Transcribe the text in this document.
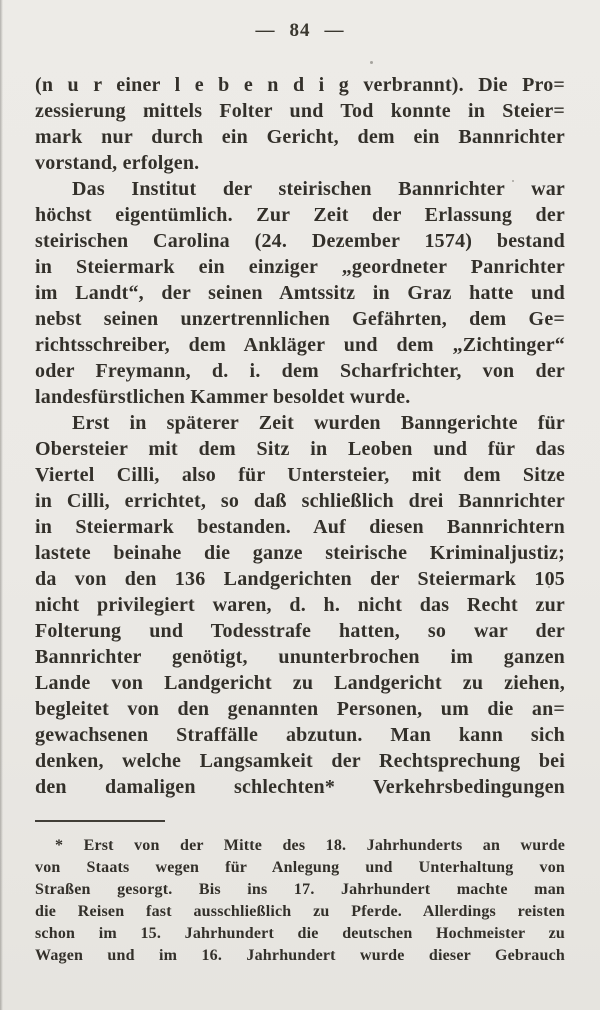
— 84 —
(n u r einer l e b e n d i g verbrannt). Die Pro=
zessierung mittels Folter und Tod konnte in Steier=
mark nur durch ein Gericht, dem ein Bannrichter
vorstand, erfolgen.
Das Institut der steirischen Bannrichter war
höchst eigentümlich. Zur Zeit der Erlassung der
steirischen Carolina (24. Dezember 1574) bestand
in Steiermark ein einziger „geordneter Panrichter
im Landt“, der seinen Amtssitz in Graz hatte und
nebst seinen unzertrennlichen Gefährten, dem Ge=
richtsschreiber, dem Ankläger und dem „Zichtinger“
oder Freymann, d. i. dem Scharfrichter, von der
landesfürstlichen Kammer besoldet wurde.
Erst in späterer Zeit wurden Banngerichte für
Obersteier mit dem Sitz in Leoben und für das
Viertel Cilli, also für Untersteier, mit dem Sitze
in Cilli, errichtet, so daß schließlich drei Bannrichter
in Steiermark bestanden. Auf diesen Bannrichtern
lastete beinahe die ganze steirische Kriminaljustiz;
da von den 136 Landgerichten der Steiermark 105
nicht privilegiert waren, d. h. nicht das Recht zur
Folterung und Todesstrafe hatten, so war der
Bannrichter genötigt, ununterbrochen im ganzen
Lande von Landgericht zu Landgericht zu ziehen,
begleitet von den genannten Personen, um die an=
gewachsenen Straffälle abzutun. Man kann sich
denken, welche Langsamkeit der Rechtsprechung bei
den damaligen schlechten* Verkehrsbedingungen
* Erst von der Mitte des 18. Jahrhunderts an wurde
von Staats wegen für Anlegung und Unterhaltung von
Straßen gesorgt. Bis ins 17. Jahrhundert machte man
die Reisen fast ausschließlich zu Pferde. Allerdings reisten
schon im 15. Jahrhundert die deutschen Hochmeister zu
Wagen und im 16. Jahrhundert wurde dieser Gebrauch
